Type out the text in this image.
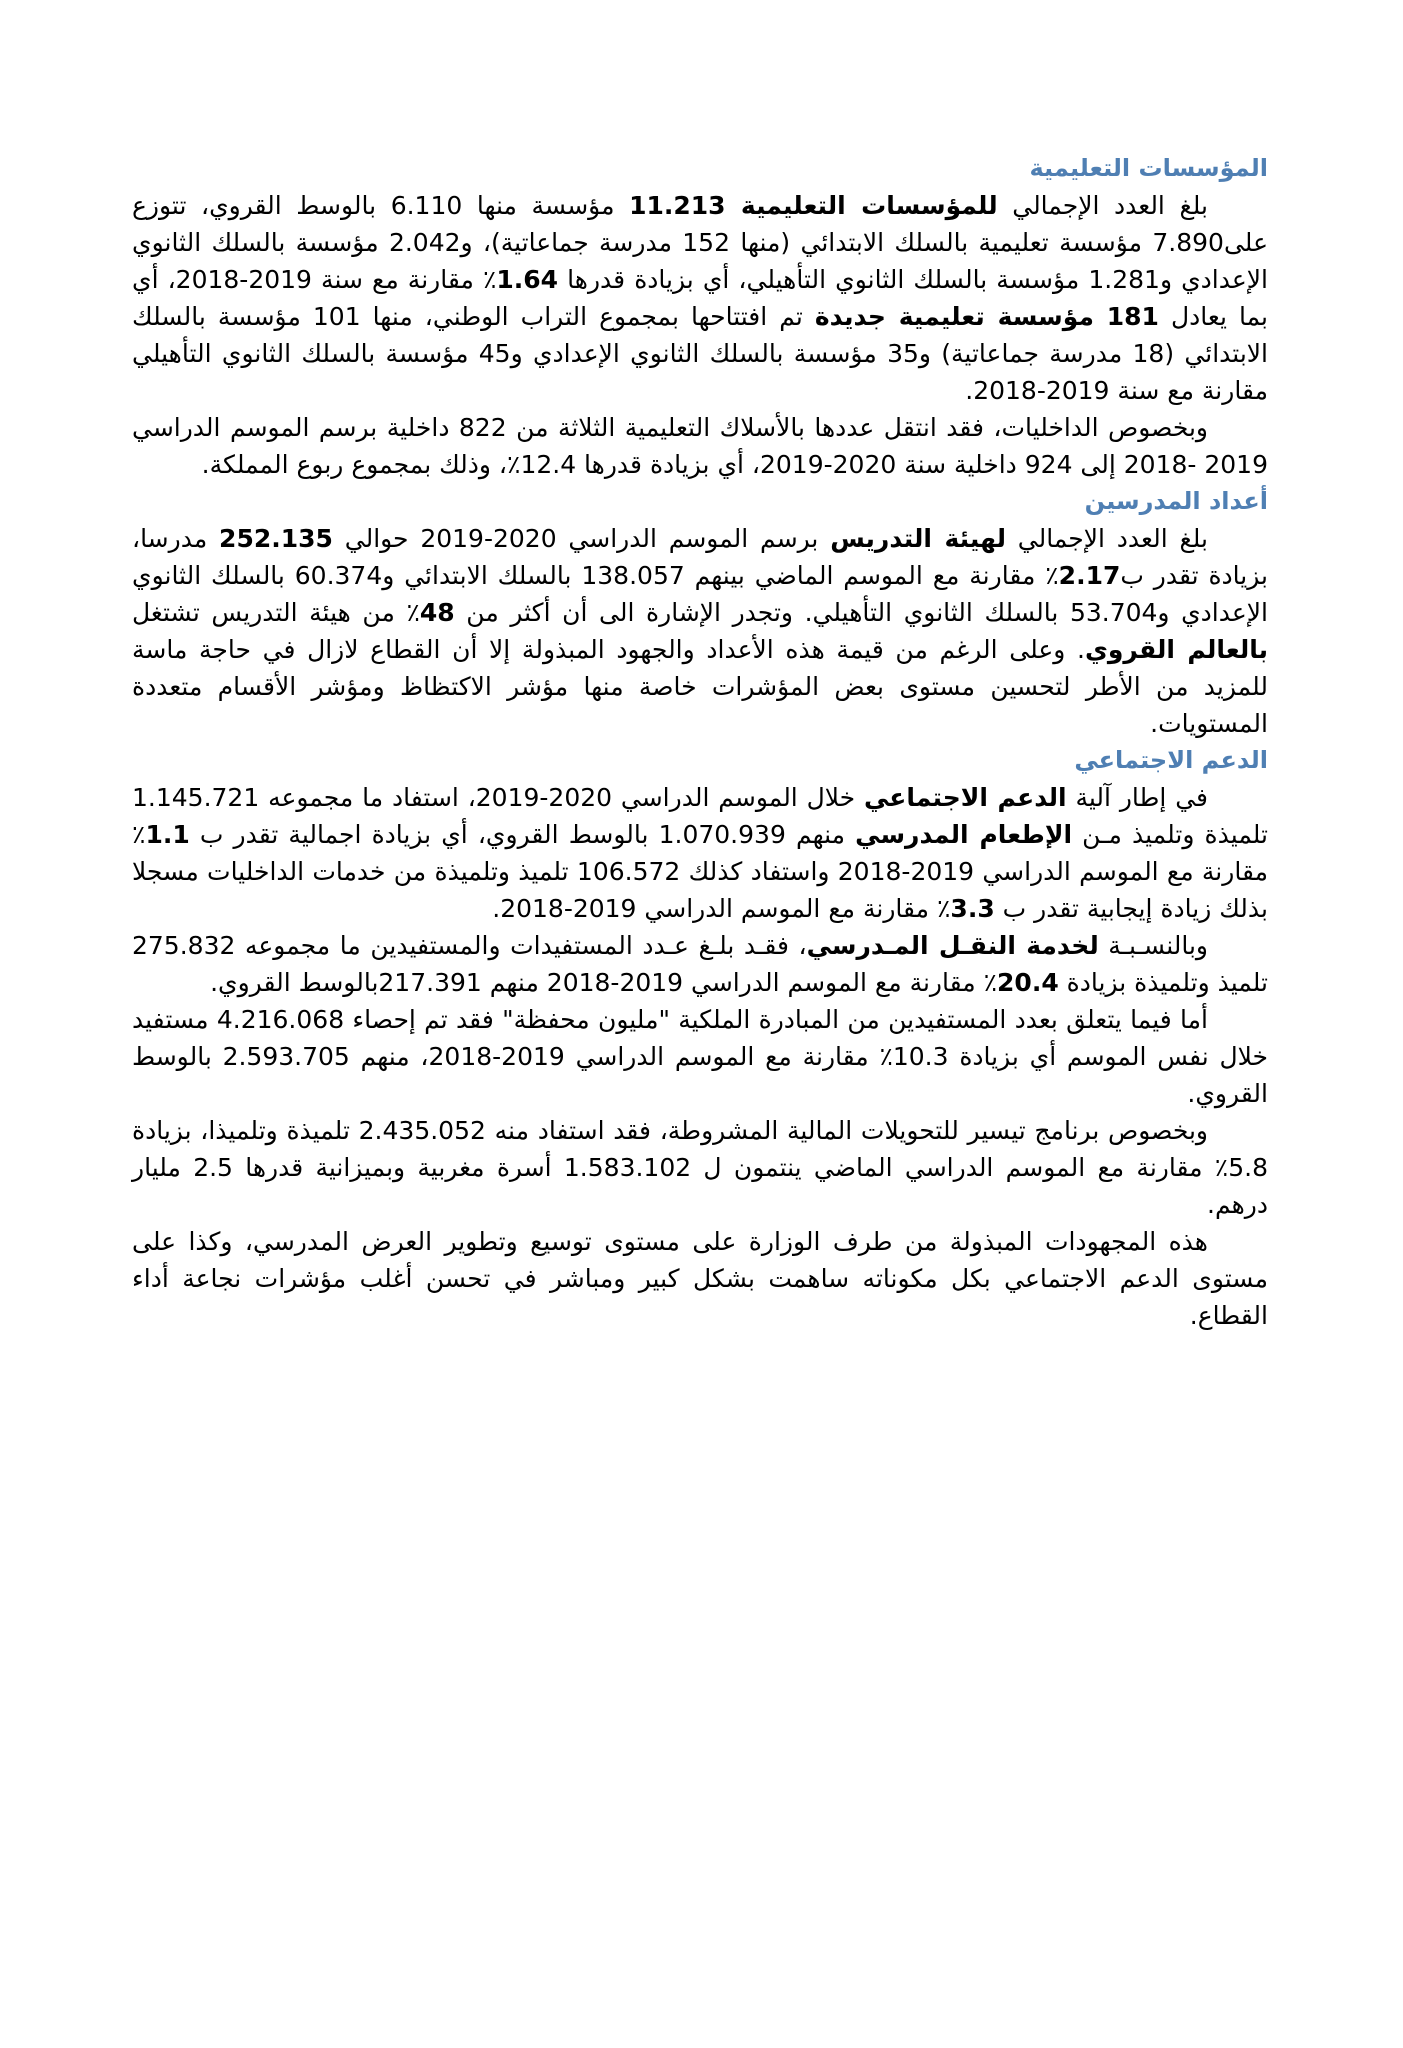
المؤسسات التعليمية

بلغ العدد الإجمالي للمؤسسات التعليمية 11.213 مؤسسة منها 6.110 بالوسط القروي، تتوزع على7.890 مؤسسة تعليمية بالسلك الابتدائي (منها 152 مدرسة جماعاتية)، و2.042 مؤسسة بالسلك الثانوي الإعدادي و1.281 مؤسسة بالسلك الثانوي التأهيلي، أي بزيادة قدرها 1.64٪ مقارنة مع سنة 2019-2018، أي بما يعادل 181 مؤسسة تعليمية جديدة تم افتتاحها بمجموع التراب الوطني، منها 101 مؤسسة بالسلك الابتدائي (18 مدرسة جماعاتية) و35 مؤسسة بالسلك الثانوي الإعدادي و45 مؤسسة بالسلك الثانوي التأهيلي مقارنة مع سنة 2019-2018.

وبخصوص الداخليات، فقد انتقل عددها بالأسلاك التعليمية الثلاثة من 822 داخلية برسم الموسم الدراسي 2019 -2018 إلى 924 داخلية سنة 2020-2019، أي بزيادة قدرها 12.4٪، وذلك بمجموع ربوع المملكة.

أعداد المدرسين

بلغ العدد الإجمالي لهيئة التدريس برسم الموسم الدراسي 2020-2019 حوالي 252.135 مدرسا، بزيادة تقدر ب2.17٪ مقارنة مع الموسم الماضي بينهم 138.057 بالسلك الابتدائي و60.374 بالسلك الثانوي الإعدادي و53.704 بالسلك الثانوي التأهيلي. وتجدر الإشارة الى أن أكثر من 48٪ من هيئة التدريس تشتغل بالعالم القروي. وعلى الرغم من قيمة هذه الأعداد والجهود المبذولة إلا أن القطاع لازال في حاجة ماسة للمزيد من الأطر لتحسين مستوى بعض المؤشرات خاصة منها مؤشر الاكتظاظ ومؤشر الأقسام متعددة المستويات.

الدعم الاجتماعي

في إطار آلية الدعم الاجتماعي خلال الموسم الدراسي 2020-2019، استفاد ما مجموعه 1.145.721 تلميذة وتلميذ مـن الإطعام المدرسي منهم 1.070.939 بالوسط القروي، أي بزيادة اجمالية تقدر ب 1.1٪ مقارنة مع الموسم الدراسي 2019-2018 واستفاد كذلك 106.572 تلميذ وتلميذة من خدمات الداخليات مسجلا بذلك زيادة إيجابية تقدر ب 3.3٪ مقارنة مع الموسم الدراسي 2019-2018.

وبالنسـبـة لخدمة النقـل المـدرسي، فقـد بلـغ عـدد المستفيدات والمستفيدين ما مجموعه 275.832 تلميذ وتلميذة بزيادة 20.4٪ مقارنة مع الموسم الدراسي 2019-2018 منهم 217.391بالوسط القروي.

أما فيما يتعلق بعدد المستفيدين من المبادرة الملكية "مليون محفظة" فقد تم إحصاء 4.216.068 مستفيد خلال نفس الموسم أي بزيادة 10.3٪ مقارنة مع الموسم الدراسي 2019-2018، منهم 2.593.705 بالوسط القروي.

وبخصوص برنامج تيسير للتحويلات المالية المشروطة، فقد استفاد منه 2.435.052 تلميذة وتلميذا، بزيادة 5.8٪ مقارنة مع الموسم الدراسي الماضي ينتمون ل 1.583.102 أسرة مغربية وبميزانية قدرها 2.5 مليار درهم.

هذه المجهودات المبذولة من طرف الوزارة على مستوى توسيع وتطوير العرض المدرسي، وكذا على مستوى الدعم الاجتماعي بكل مكوناته ساهمت بشكل كبير ومباشر في تحسن أغلب مؤشرات نجاعة أداء القطاع.
